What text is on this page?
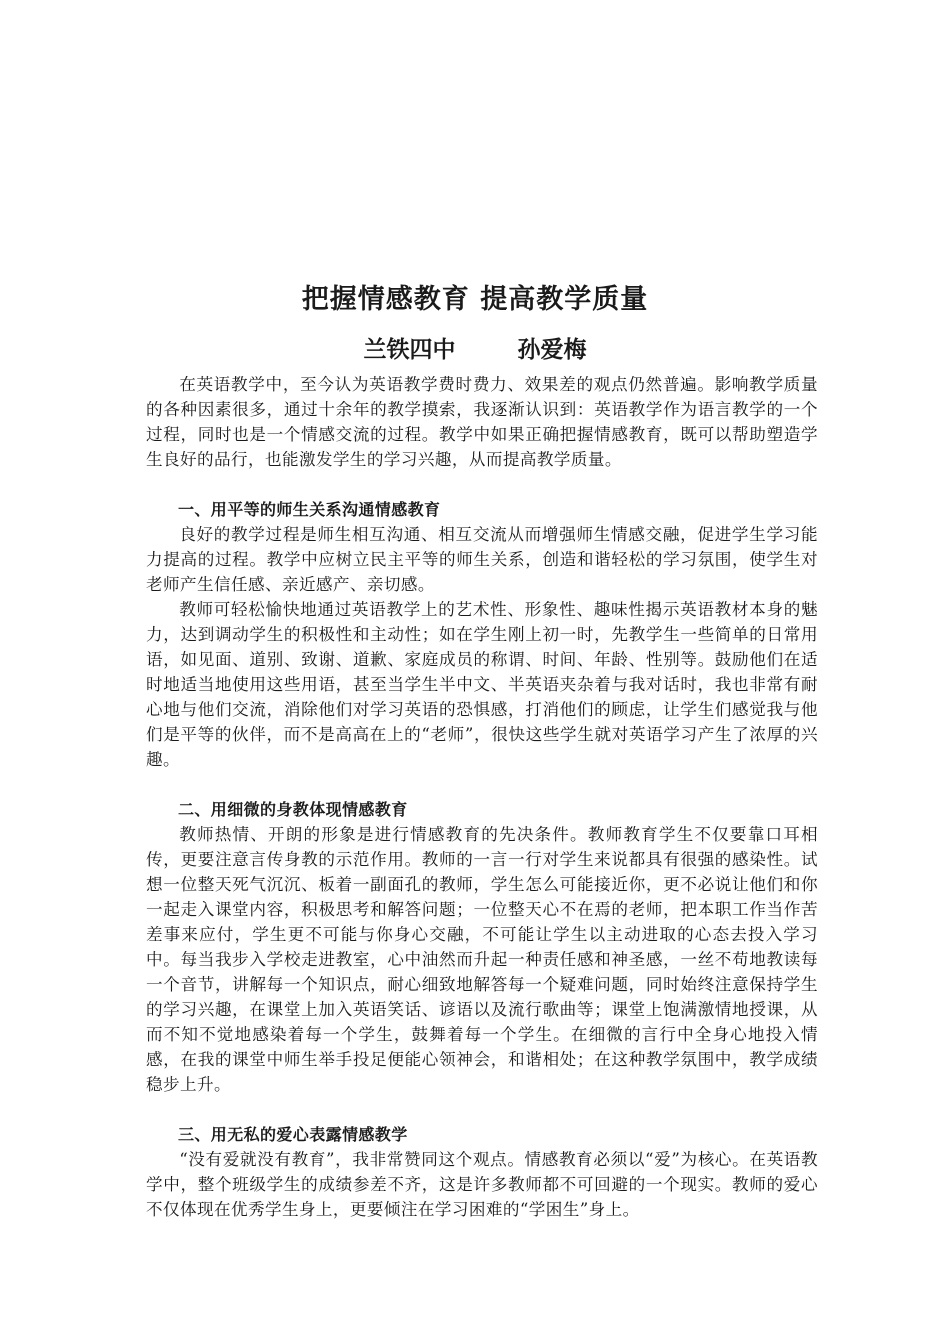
把握情感教育 提高教学质量
兰铁四中	孙爱梅

在英语教学中，至今认为英语教学费时费力、效果差的观点仍然普遍。影响教学质量的各种因素很多，通过十余年的教学摸索，我逐渐认识到：英语教学作为语言教学的一个过程，同时也是一个情感交流的过程。教学中如果正确把握情感教育，既可以帮助塑造学生良好的品行，也能激发学生的学习兴趣，从而提高教学质量。

一、用平等的师生关系沟通情感教育

良好的教学过程是师生相互沟通、相互交流从而增强师生情感交融，促进学生学习能力提高的过程。教学中应树立民主平等的师生关系，创造和谐轻松的学习氛围，使学生对老师产生信任感、亲近感产、亲切感。

教师可轻松愉快地通过英语教学上的艺术性、形象性、趣味性揭示英语教材本身的魅力，达到调动学生的积极性和主动性；如在学生刚上初一时，先教学生一些简单的日常用语，如见面、道别、致谢、道歉、家庭成员的称谓、时间、年龄、性别等。鼓励他们在适时地适当地使用这些用语，甚至当学生半中文、半英语夹杂着与我对话时，我也非常有耐心地与他们交流，消除他们对学习英语的恐惧感，打消他们的顾虑，让学生们感觉我与他们是平等的伙伴，而不是高高在上的“老师”，很快这些学生就对英语学习产生了浓厚的兴趣。

二、用细微的身教体现情感教育

教师热情、开朗的形象是进行情感教育的先决条件。教师教育学生不仅要靠口耳相传，更要注意言传身教的示范作用。教师的一言一行对学生来说都具有很强的感染性。试想一位整天死气沉沉、板着一副面孔的教师，学生怎么可能接近你，更不必说让他们和你一起走入课堂内容，积极思考和解答问题；一位整天心不在焉的老师，把本职工作当作苦差事来应付，学生更不可能与你身心交融，不可能让学生以主动进取的心态去投入学习中。每当我步入学校走进教室，心中油然而升起一种责任感和神圣感，一丝不苟地教读每一个音节，讲解每一个知识点，耐心细致地解答每一个疑难问题，同时始终注意保持学生的学习兴趣，在课堂上加入英语笑话、谚语以及流行歌曲等；课堂上饱满激情地授课，从而不知不觉地感染着每一个学生，鼓舞着每一个学生。在细微的言行中全身心地投入情感，在我的课堂中师生举手投足便能心领神会，和谐相处；在这种教学氛围中，教学成绩稳步上升。

三、用无私的爱心表露情感教学

“没有爱就没有教育”，我非常赞同这个观点。情感教育必须以“爱”为核心。在英语教学中，整个班级学生的成绩参差不齐，这是许多教师都不可回避的一个现实。教师的爱心不仅体现在优秀学生身上，更要倾注在学习困难的“学困生”身上。
